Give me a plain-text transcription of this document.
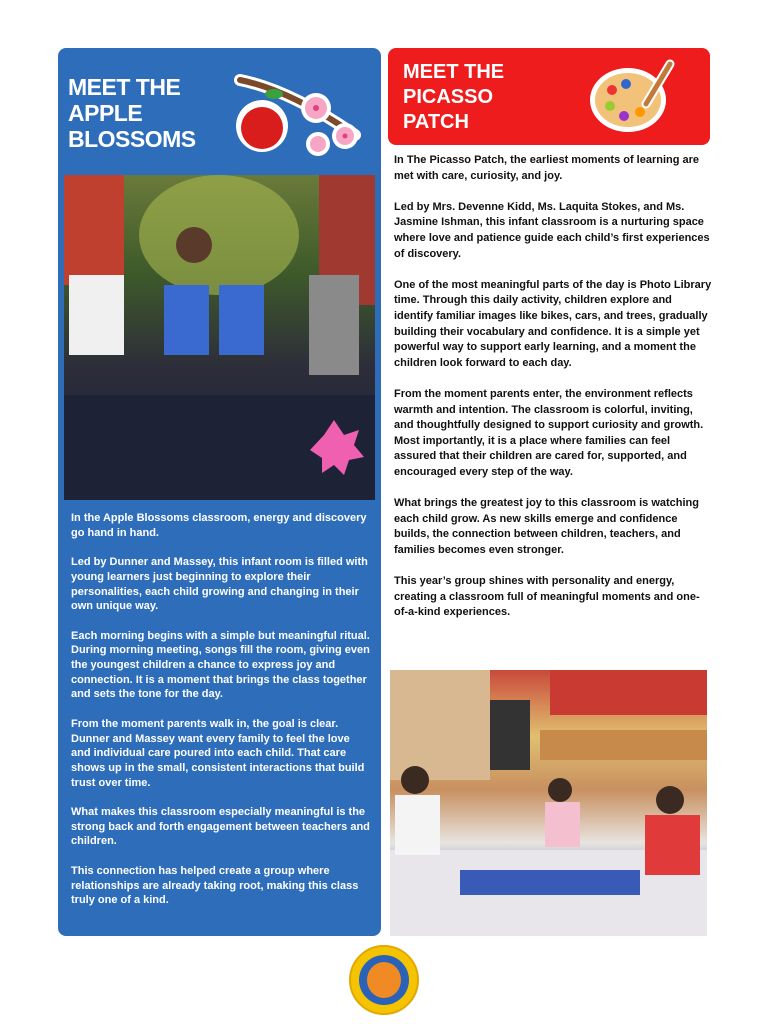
MEET THE
APPLE
BLOSSOMS

In the Apple Blossoms classroom, energy and discovery go hand in hand.

Led by Dunner and Massey, this infant room is filled with young learners just beginning to explore their personalities, each child growing and changing in their own unique way.

Each morning begins with a simple but meaningful ritual. During morning meeting, songs fill the room, giving even the youngest children a chance to express joy and connection. It is a moment that brings the class together and sets the tone for the day.

From the moment parents walk in, the goal is clear. Dunner and Massey want every family to feel the love and individual care poured into each child. That care shows up in the small, consistent interactions that build trust over time.

What makes this classroom especially meaningful is the strong back and forth engagement between teachers and children.

This connection has helped create a group where relationships are already taking root, making this class truly one of a kind.

MEET THE
PICASSO
PATCH

In The Picasso Patch, the earliest moments of learning are met with care, curiosity, and joy.

Led by Mrs. Devenne Kidd, Ms. Laquita Stokes, and Ms. Jasmine Ishman, this infant classroom is a nurturing space where love and patience guide each child’s first experiences of discovery.

One of the most meaningful parts of the day is Photo Library time. Through this daily activity, children explore and identify familiar images like bikes, cars, and trees, gradually building their vocabulary and confidence. It is a simple yet powerful way to support early learning, and a moment the children look forward to each day.

From the moment parents enter, the environment reflects warmth and intention. The classroom is colorful, inviting, and thoughtfully designed to support curiosity and growth. Most importantly, it is a place where families can feel assured that their children are cared for, supported, and encouraged every step of the way.

What brings the greatest joy to this classroom is watching each child grow. As new skills emerge and confidence builds, the connection between children, teachers, and families becomes even stronger.

This year’s group shines with personality and energy, creating a classroom full of meaningful moments and one-of-a-kind experiences.
